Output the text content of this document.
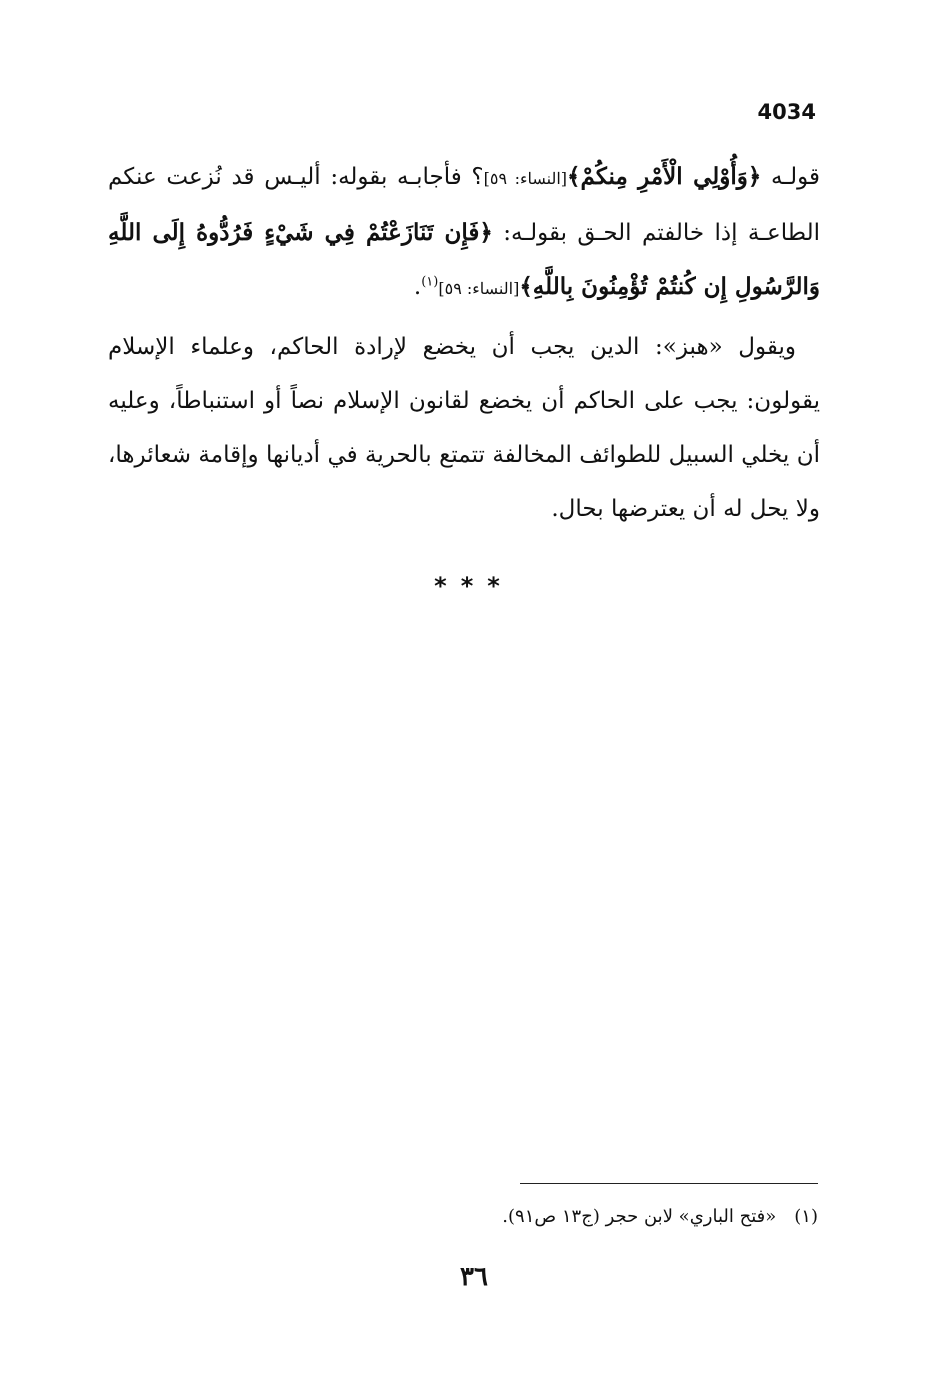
4034

قولـه ﴿وَأُوْلِي الْأَمْرِ مِنكُمْ﴾[النساء: ٥٩]؟ فأجابـه بقوله: أليـس قد نُزعت عنكم الطاعـة إذا خالفتم الحـق بقولـه: ﴿فَإِن تَنَازَعْتُمْ فِي شَيْءٍ فَرُدُّوهُ إِلَى اللَّهِ وَالرَّسُولِ إِن كُنتُمْ تُؤْمِنُونَ بِاللَّهِ﴾[النساء: ٥٩]$^{(١)}$.

ويقول «هبز»: الدين يجب أن يخضع لإرادة الحاكم، وعلماء الإسلام يقولون: يجب على الحاكم أن يخضع لقانون الإسلام نصاً أو استنباطاً، وعليه أن يخلي السبيل للطوائف المخالفة تتمتع بالحرية في أديانها وإقامة شعائرها، ولا يحل له أن يعترضها بحال.

***
(١)«فتح الباري» لابن حجر (ج١٣ ص٩١).
٣٦
